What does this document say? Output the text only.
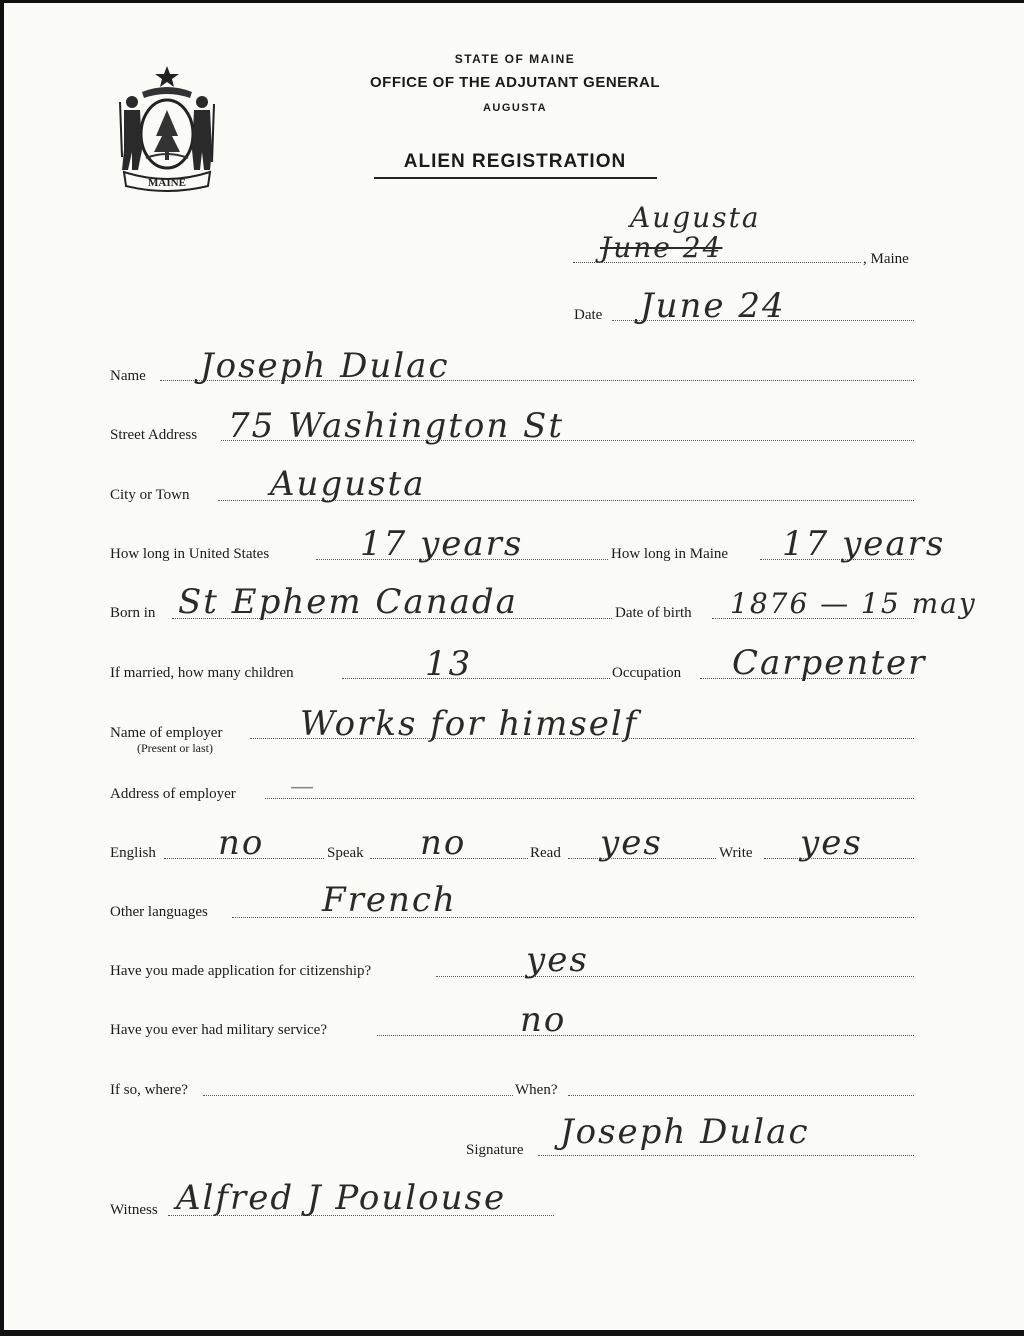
MAINE
STATE OF MAINE
OFFICE OF THE ADJUTANT GENERAL
AUGUSTA
ALIEN REGISTRATION
Augusta
June 24	, Maine
Date June 24
Name Joseph Dulac
Street Address 75 Washington St
City or Town Augusta
How long in United States	17 years	How long in Maine 17 years
Born in St Ephem Canada	Date of birth 1876 — 15 may
If married, how many children	13	Occupation Carpenter
Name of employer
(Present or last)
Works for himself
Address of employer —
English no	Speak no	Read yes	Write yes
Other languages	French
Have you made application for citizenship?	yes
Have you ever had military service?	no
If so, where?	When?
Signature Joseph Dulac
Witness Alfred J Poulouse
